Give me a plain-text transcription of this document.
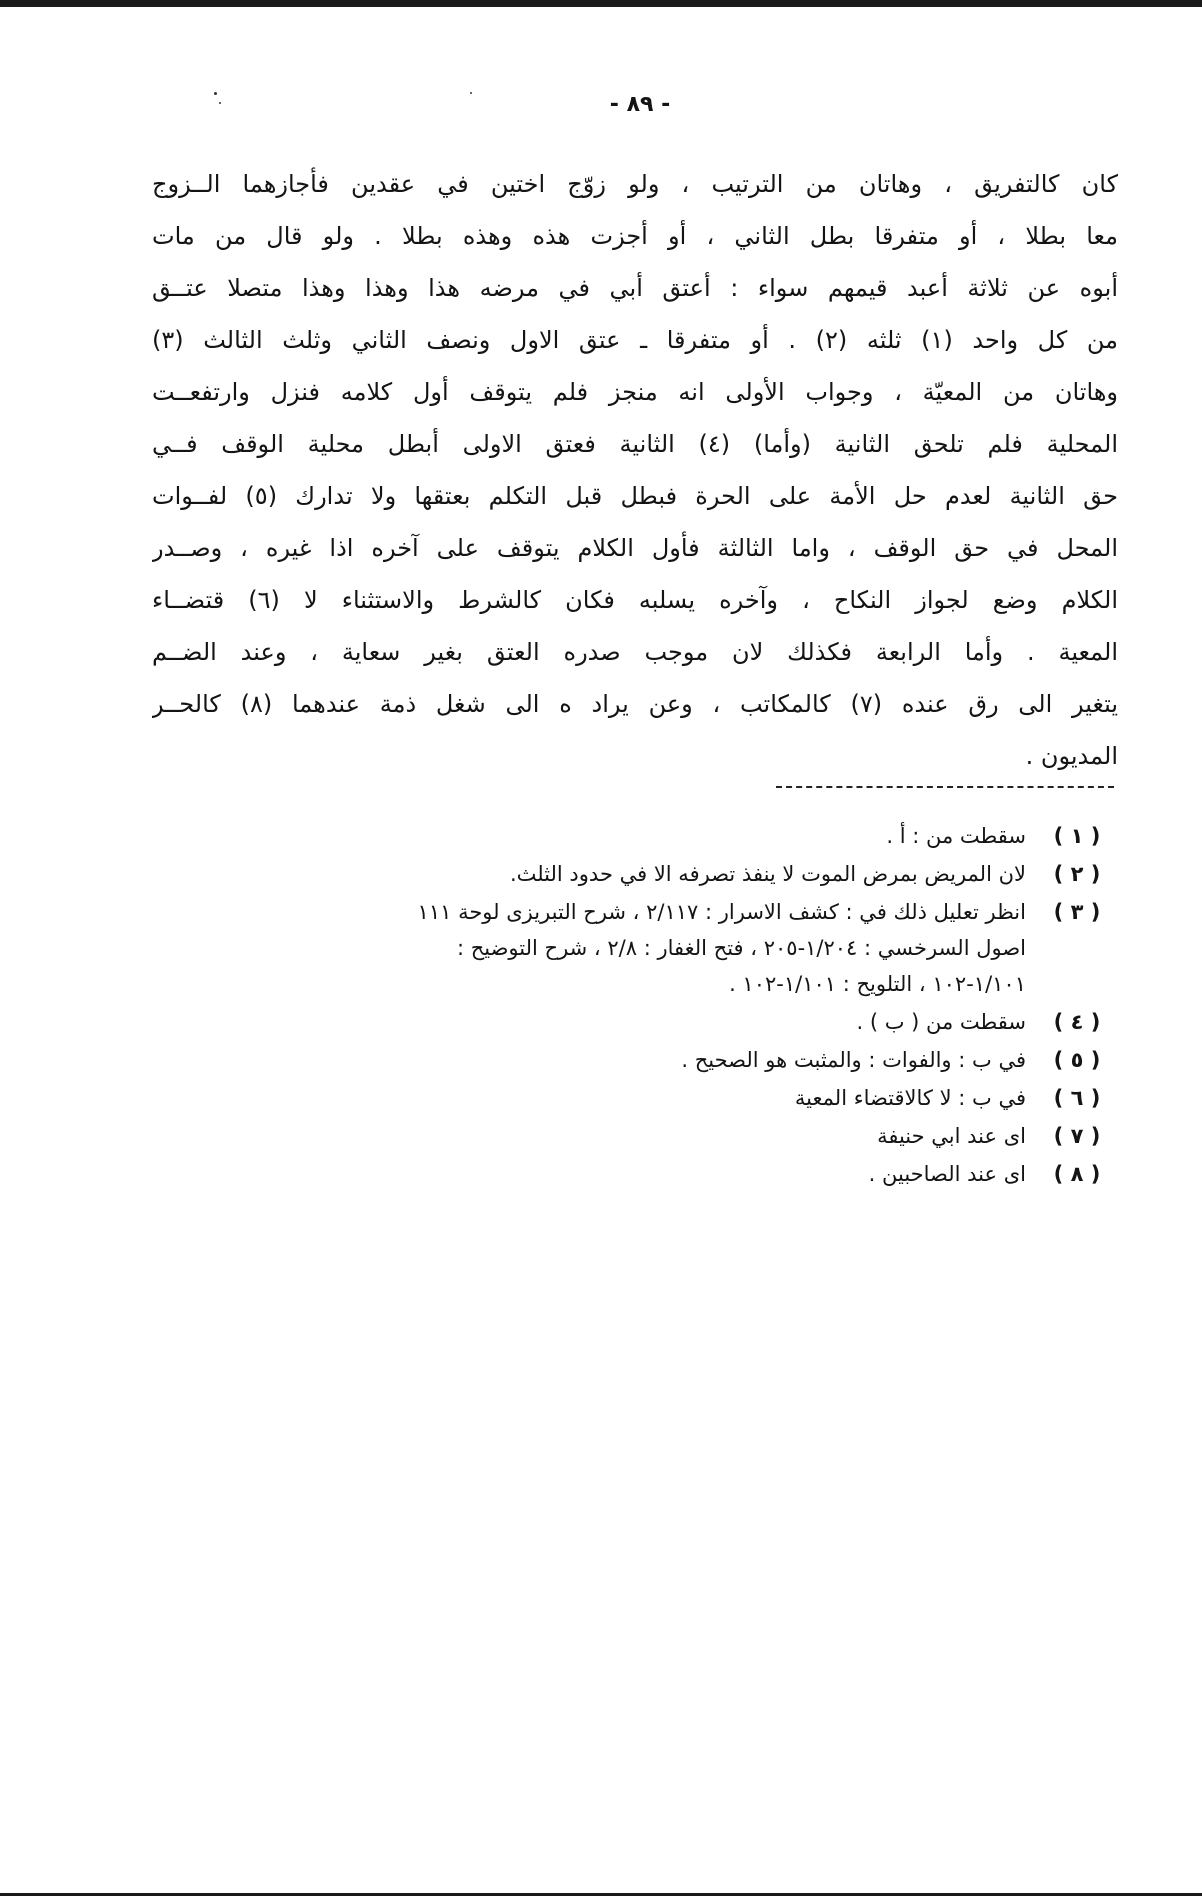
- ٨٩ -
كان كالتفريق ، وهاتان من الترتيب ، ولو زوّج اختين في عقدين فأجازهما الــزوج
معا بطلا ، أو متفرقا بطل الثاني ، أو أجزت هذه وهذه بطلا . ولو قال من مات
أبوه عن ثلاثة أعبد قيمهم سواء : أعتق أبي في مرضه هذا وهذا وهذا متصلا عتــق
من كل واحد (١) ثلثه (٢) . أو متفرقا ـ عتق الاول ونصف الثاني وثلث الثالث (٣)
وهاتان من المعيّة ، وجواب الأولى انه منجز فلم يتوقف أول كلامه فنزل وارتفعــت
المحلية فلم تلحق الثانية (وأما) (٤) الثانية فعتق الاولى أبطل محلية الوقف فــي
حق الثانية لعدم حل الأمة على الحرة فبطل قبل التكلم بعتقها ولا تدارك (٥) لفــوات
المحل في حق الوقف ، واما الثالثة فأول الكلام يتوقف على آخره اذا غيره ، وصــدر
الكلام وضع لجواز النكاح ، وآخره يسلبه فكان كالشرط والاستثناء لا (٦) قتضــاء
المعية . وأما الرابعة فكذلك لان موجب صدره العتق بغير سعاية ، وعند الضــم
يتغير الى رق عنده (٧) كالمكاتب ، وعن يراد ه الى شغل ذمة عندهما (٨) كالحــر
المديون .
( ١ )
سقطت من : أ .
( ٢ )
لان المريض بمرض الموت لا ينفذ تصرفه الا في حدود الثلث.
( ٣ )
انظر تعليل ذلك في : كشف الاسرار : ٢/١١٧ ، شرح التبريزى لوحة ١١١
اصول السرخسي : ١/٢٠٤-٢٠٥ ، فتح الغفار : ٢/٨ ، شرح التوضيح :
١/١٠١-١٠٢ ، التلويح : ١/١٠١-١٠٢ .
( ٤ )
سقطت من ( ب ) .
( ٥ )
في ب : والفوات : والمثبت هو الصحيح .
( ٦ )
في ب : لا كالاقتضاء المعية
( ٧ )
اى عند ابي حنيفة
( ٨ )
اى عند الصاحبين .
